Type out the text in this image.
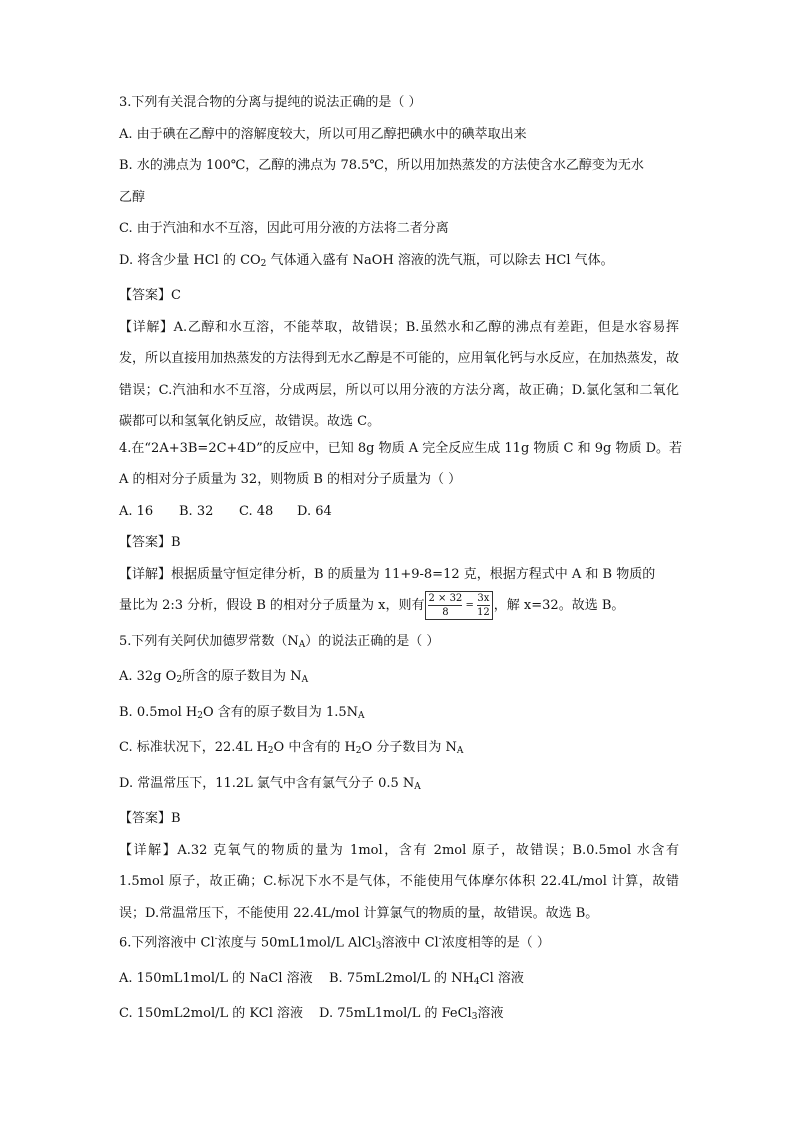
3.下列有关混合物的分离与提纯的说法正确的是（ ）
A. 由于碘在乙醇中的溶解度较大，所以可用乙醇把碘水中的碘萃取出来
B. 水的沸点为 100℃，乙醇的沸点为 78.5℃，所以用加热蒸发的方法使含水乙醇变为无水
乙醇
C. 由于汽油和水不互溶，因此可用分液的方法将二者分离
D. 将含少量 HCl 的 $CO_2$ 气体通入盛有 NaOH 溶液的洗气瓶，可以除去 HCl 气体。
【答案】C
【详解】A.乙醇和水互溶，不能萃取，故错误；B.虽然水和乙醇的沸点有差距，但是水容易挥发，所以直接用加热蒸发的方法得到无水乙醇是不可能的，应用氧化钙与水反应，在加热蒸发，故错误；C.汽油和水不互溶，分成两层，所以可以用分液的方法分离，故正确；D.氯化氢和二氧化碳都可以和氢氧化钠反应，故错误。故选 C。
4.在“2A+3B=2C+4D”的反应中，已知 8g 物质 A 完全反应生成 11g 物质 C 和 9g 物质 D。若
A 的相对分子质量为 32，则物质 B 的相对分子质量为（ ）
A. 16 B. 32 C. 48 D. 64
【答案】B
【详解】根据质量守恒定律分析，B 的质量为 11+9-8=12 克，根据方程式中 A 和 B 物质的
量比为 2:3 分析，假设 B 的相对分子质量为 x，则有 $\frac{2 \times 32}{8} = \frac{3x}{12}$ ，解 x=32。故选 B。
5.下列有关阿伏加德罗常数$(N_A)$的说法正确的是（ ）
A. 32g $O_2$所含的原子数目为 $N_A$
B. 0.5mol $H_2O$ 含有的原子数目为 $1.5N_A$
C. 标准状况下，22.4L $H_2O$ 中含有的 $H_2O$ 分子数目为 $N_A$
D. 常温常压下，11.2L 氯气中含有氯气分子 0.5 $N_A$
【答案】B
【详解】A.32 克氧气的物质的量为 1mol，含有 2mol 原子，故错误；B.0.5mol 水含有 1.5mol 原子，故正确；C.标况下水不是气体，不能使用气体摩尔体积 22.4L/mol 计算，故错误；D.常温常压下，不能使用 22.4L/mol 计算氯气的物质的量，故错误。故选 B。
6.下列溶液中 Cl-浓度与 50mL1mol/L AlCl$_3$溶液中 Cl-浓度相等的是（ ）
A. 150mL1mol/L 的 NaCl 溶液 B. 75mL2mol/L 的 $NH_4Cl$ 溶液
C. 150mL2mol/L 的 KCl 溶液 D. 75mL1mol/L 的 FeCl$_3$溶液
